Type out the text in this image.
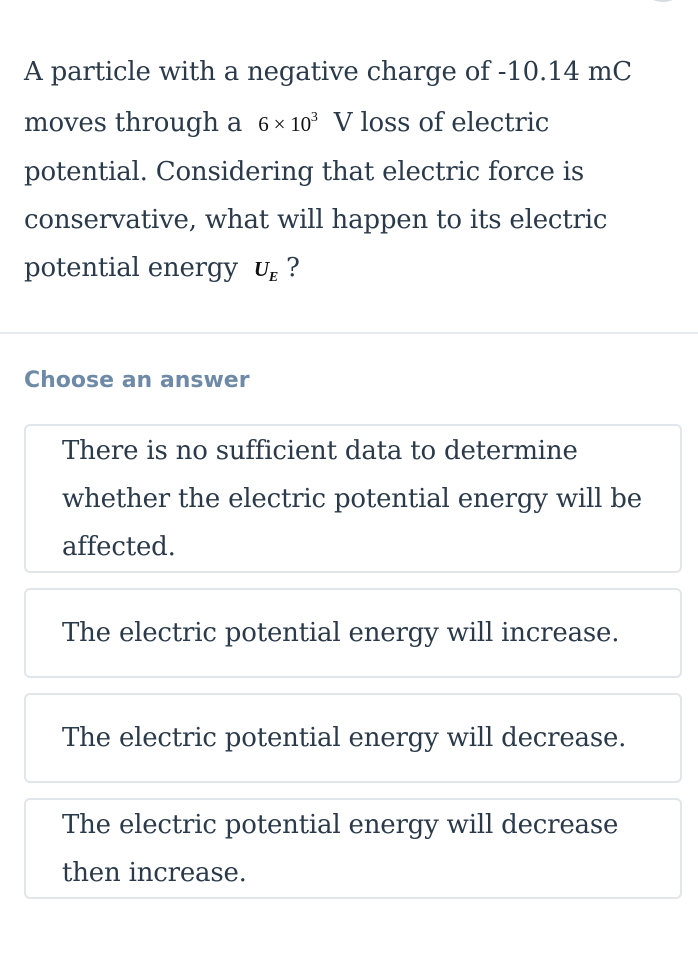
A particle with a negative charge of -10.14 mC moves through a $6 \times 10^3$ V loss of electric potential. Considering that electric force is conservative, what will happen to its electric potential energy $U_E$ ?
Choose an answer
There is no sufficient data to determine whether the electric potential energy will be affected.
The electric potential energy will increase.
The electric potential energy will decrease.
The electric potential energy will decrease then increase.
